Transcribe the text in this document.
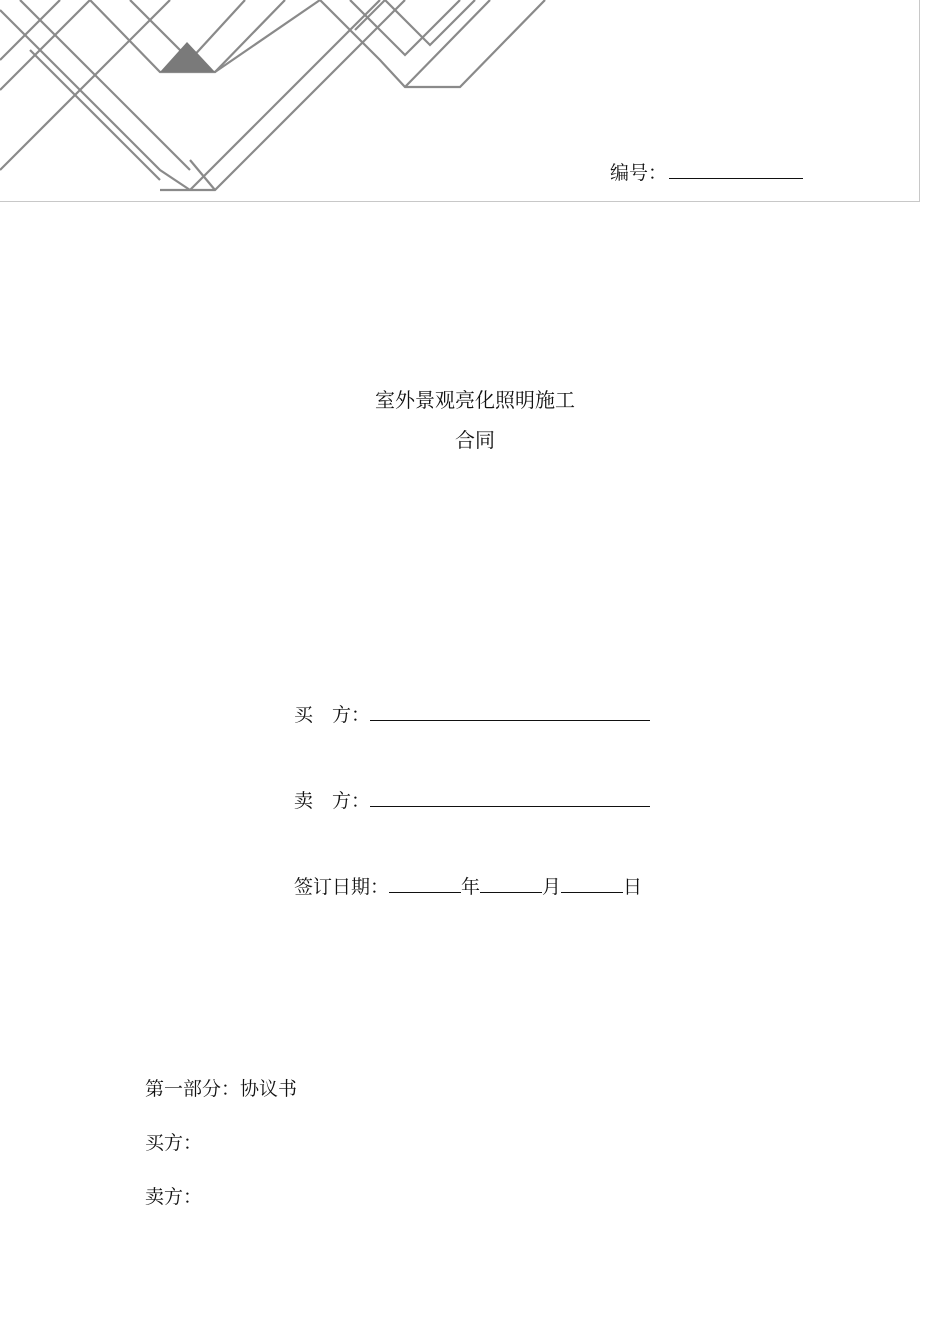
编号：
室外景观亮化照明施工
合同
买　方：
卖　方：
签订日期：	年	月	日
第一部分：协议书
买方：
卖方：
